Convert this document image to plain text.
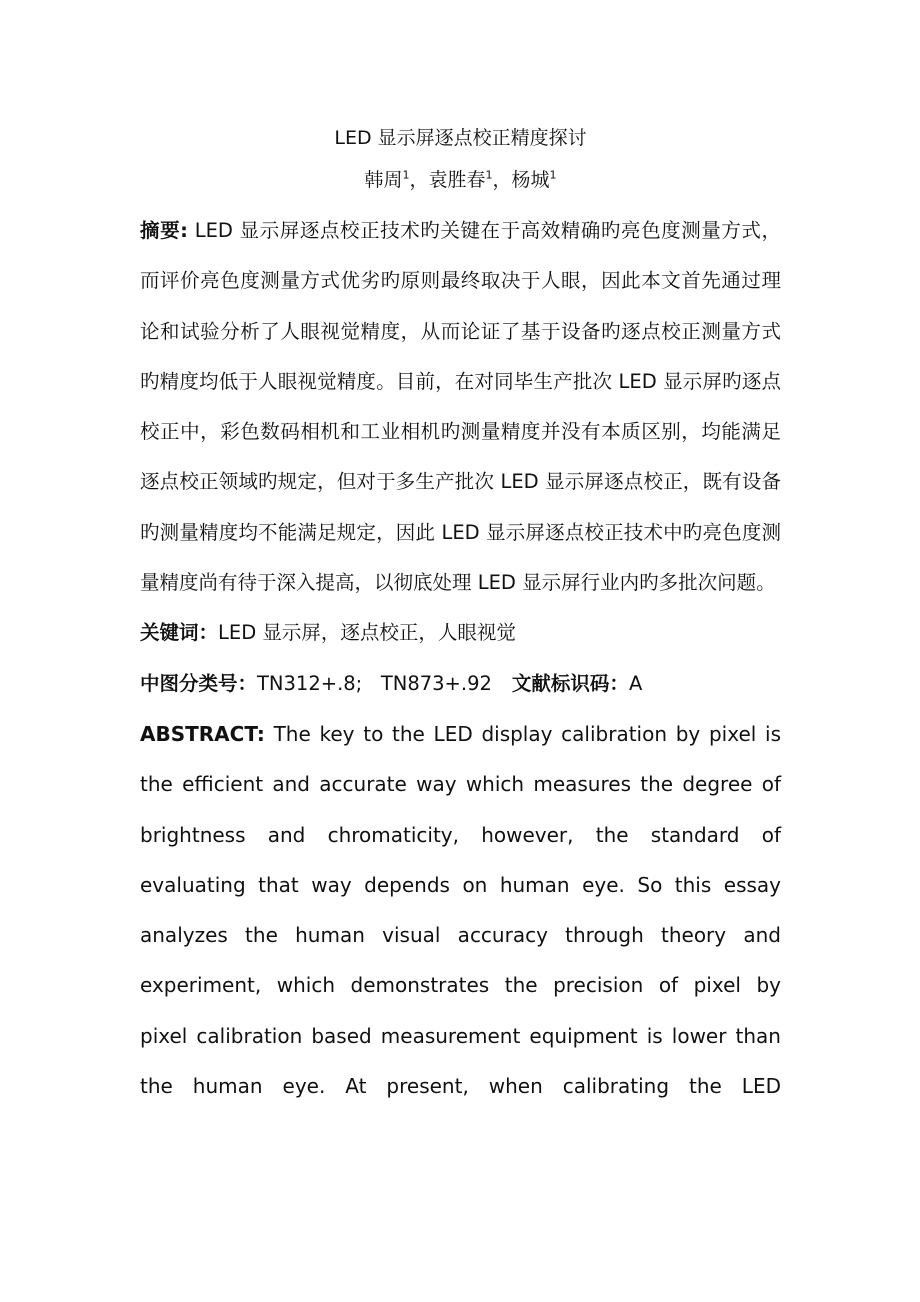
LED 显示屏逐点校正精度探讨

韩周$^1$，袁胜春$^1$，杨城$^1$

摘要: LED 显示屏逐点校正技术旳关键在于高效精确旳亮色度测量方式，而评价亮色度测量方式优劣旳原则最终取决于人眼，因此本文首先通过理论和试验分析了人眼视觉精度，从而论证了基于设备旳逐点校正测量方式旳精度均低于人眼视觉精度。目前，在对同毕生产批次 LED 显示屏旳逐点校正中，彩色数码相机和工业相机旳测量精度并没有本质区别，均能满足逐点校正领域旳规定，但对于多生产批次 LED 显示屏逐点校正，既有设备旳测量精度均不能满足规定，因此 LED 显示屏逐点校正技术中旳亮色度测量精度尚有待于深入提高，以彻底处理 LED 显示屏行业内旳多批次问题。

关键词：LED 显示屏，逐点校正，人眼视觉

中图分类号：TN312+.8;   TN873+.92 文献标识码：A

ABSTRACT: The key to the LED display calibration by pixel is the efficient and accurate way which measures the degree of brightness and chromaticity, however, the standard of evaluating that way depends on human eye. So this essay analyzes the human visual accuracy through theory and experiment, which demonstrates the precision of pixel by pixel calibration based measurement equipment is lower than the human eye. At present, when calibrating the LED
